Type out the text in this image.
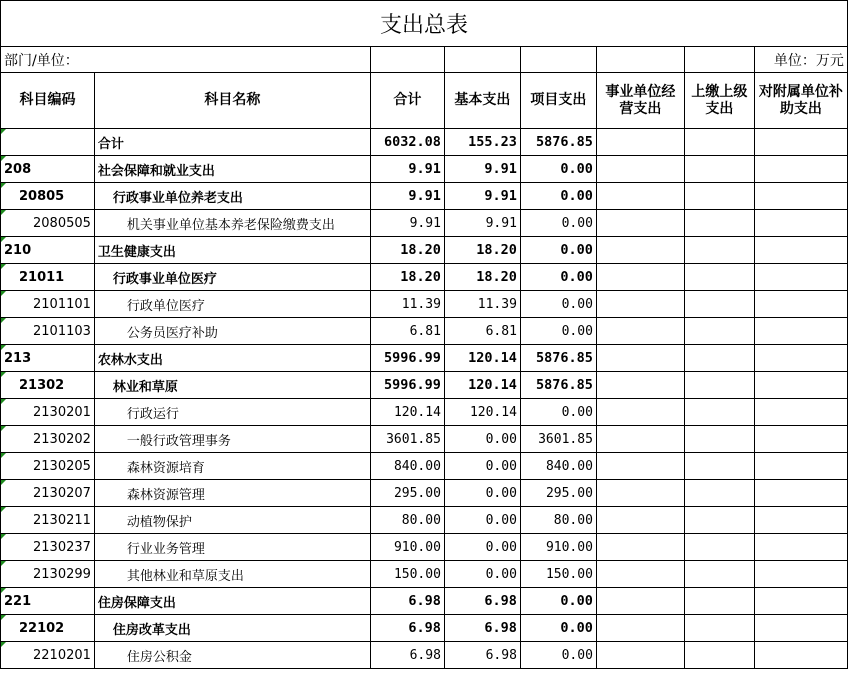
支出总表							
部门/单位：							单位：万元
科目编码	科目名称	合计	基本支出	项目支出	事业单位经营支出	上缴上级支出	对附属单位补助支出
	合计	6032.08	155.23	5876.85			
208	社会保障和就业支出	9.91	9.91	0.00			
20805	行政事业单位养老支出	9.91	9.91	0.00			
2080505	机关事业单位基本养老保险缴费支出	9.91	9.91	0.00			
210	卫生健康支出	18.20	18.20	0.00			
21011	行政事业单位医疗	18.20	18.20	0.00			
2101101	行政单位医疗	11.39	11.39	0.00			
2101103	公务员医疗补助	6.81	6.81	0.00			
213	农林水支出	5996.99	120.14	5876.85			
21302	林业和草原	5996.99	120.14	5876.85			
2130201	行政运行	120.14	120.14	0.00			
2130202	一般行政管理事务	3601.85	0.00	3601.85			
2130205	森林资源培育	840.00	0.00	840.00			
2130207	森林资源管理	295.00	0.00	295.00			
2130211	动植物保护	80.00	0.00	80.00			
2130237	行业业务管理	910.00	0.00	910.00			
2130299	其他林业和草原支出	150.00	0.00	150.00			
221	住房保障支出	6.98	6.98	0.00			
22102	住房改革支出	6.98	6.98	0.00			
2210201	住房公积金	6.98	6.98	0.00			
